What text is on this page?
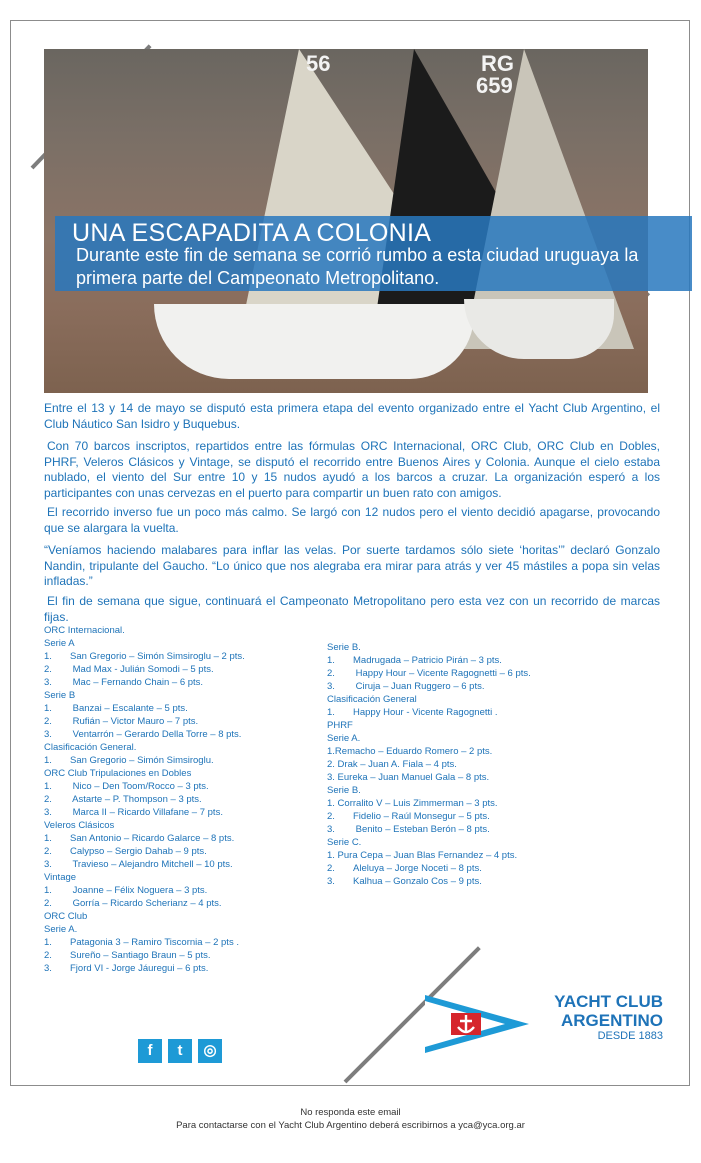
56	RG
659
UNA ESCAPADITA A COLONIA
Durante este fin de semana se corrió rumbo a esta ciudad uruguaya la primera parte del Campeonato Metropolitano.
Entre el 13 y 14 de mayo se disputó esta primera etapa del evento organizado entre el Yacht Club Argentino, el Club Náutico San Isidro y Buquebus.
Con 70 barcos inscriptos, repartidos entre las fórmulas ORC Internacional, ORC Club, ORC Club en Dobles, PHRF, Veleros Clásicos y Vintage, se disputó el recorrido entre Buenos Aires y Colonia. Aunque el cielo estaba nublado, el viento del Sur entre 10 y 15 nudos ayudó a los barcos a cruzar. La organización esperó a los participantes con unas cervezas en el puerto para compartir un buen rato con amigos.
El recorrido inverso fue un poco más calmo. Se largó con 12 nudos pero el viento decidió apagarse, provocando que se alargara la vuelta.
“Veníamos haciendo malabares para inflar las velas. Por suerte tardamos sólo siete ‘horitas’” declaró Gonzalo Nandin, tripulante del Gaucho. “Lo único que nos alegraba era mirar para atrás y ver 45 mástiles a popa sin velas infladas.”
El fin de semana que sigue, continuará el Campeonato Metropolitano pero esta vez con un recorrido de marcas fijas.
ORC Internacional.
Serie A
1. San Gregorio – Simón Simsiroglu – 2 pts.
2. Mad Max - Julián Somodi – 5 pts.
3. Mac – Fernando Chain – 6 pts.
Serie B
1. Banzai – Escalante – 5 pts.
2. Rufián – Victor Mauro – 7 pts.
3. Ventarrón – Gerardo Della Torre – 8 pts.
Clasificación General.
1. San Gregorio – Simón Simsiroglu.
ORC Club Tripulaciones en Dobles
1. Nico – Den Toom/Rocco – 3 pts.
2. Astarte – P. Thompson – 3 pts.
3. Marca II – Ricardo Villafane – 7 pts.
Veleros Clásicos
1. San Antonio – Ricardo Galarce – 8 pts.
2. Calypso – Sergio Dahab – 9 pts.
3. Travieso – Alejandro Mitchell – 10 pts.
Vintage
1. Joanne – Félix Noguera – 3 pts.
2. Gorría – Ricardo Scherianz – 4 pts.
ORC Club
Serie A.
1. Patagonia 3 – Ramiro Tiscornia – 2 pts .
2. Sureño – Santiago Braun – 5 pts.
3. Fjord VI - Jorge Jáuregui – 6 pts.
Serie B.
1. Madrugada – Patricio Pirán – 3 pts.
2. Happy Hour – Vicente Ragognetti – 6 pts.
3. Ciruja – Juan Ruggero – 6 pts.
Clasificación General
1. Happy Hour - Vicente Ragognetti .
PHRF
Serie A.
1.Remacho – Eduardo Romero – 2 pts.
2. Drak – Juan A. Fiala – 4 pts.
3. Eureka – Juan Manuel Gala – 8 pts.
Serie B.
1. Corralito V – Luis Zimmerman – 3 pts.
2. Fidelio – Raúl Monsegur – 5 pts.
3. Benito – Esteban Berón – 8 pts.
Serie C.
1. Pura Cepa – Juan Blas Fernandez – 4 pts.
2. Aleluya – Jorge Noceti – 8 pts.
3. Kalhua – Gonzalo Cos – 9 pts.
YACHT CLUB
ARGENTINO
DESDE 1883
f	t	◎
No responda este email
Para contactarse con el Yacht Club Argentino deberá escribirnos a yca@yca.org.ar
